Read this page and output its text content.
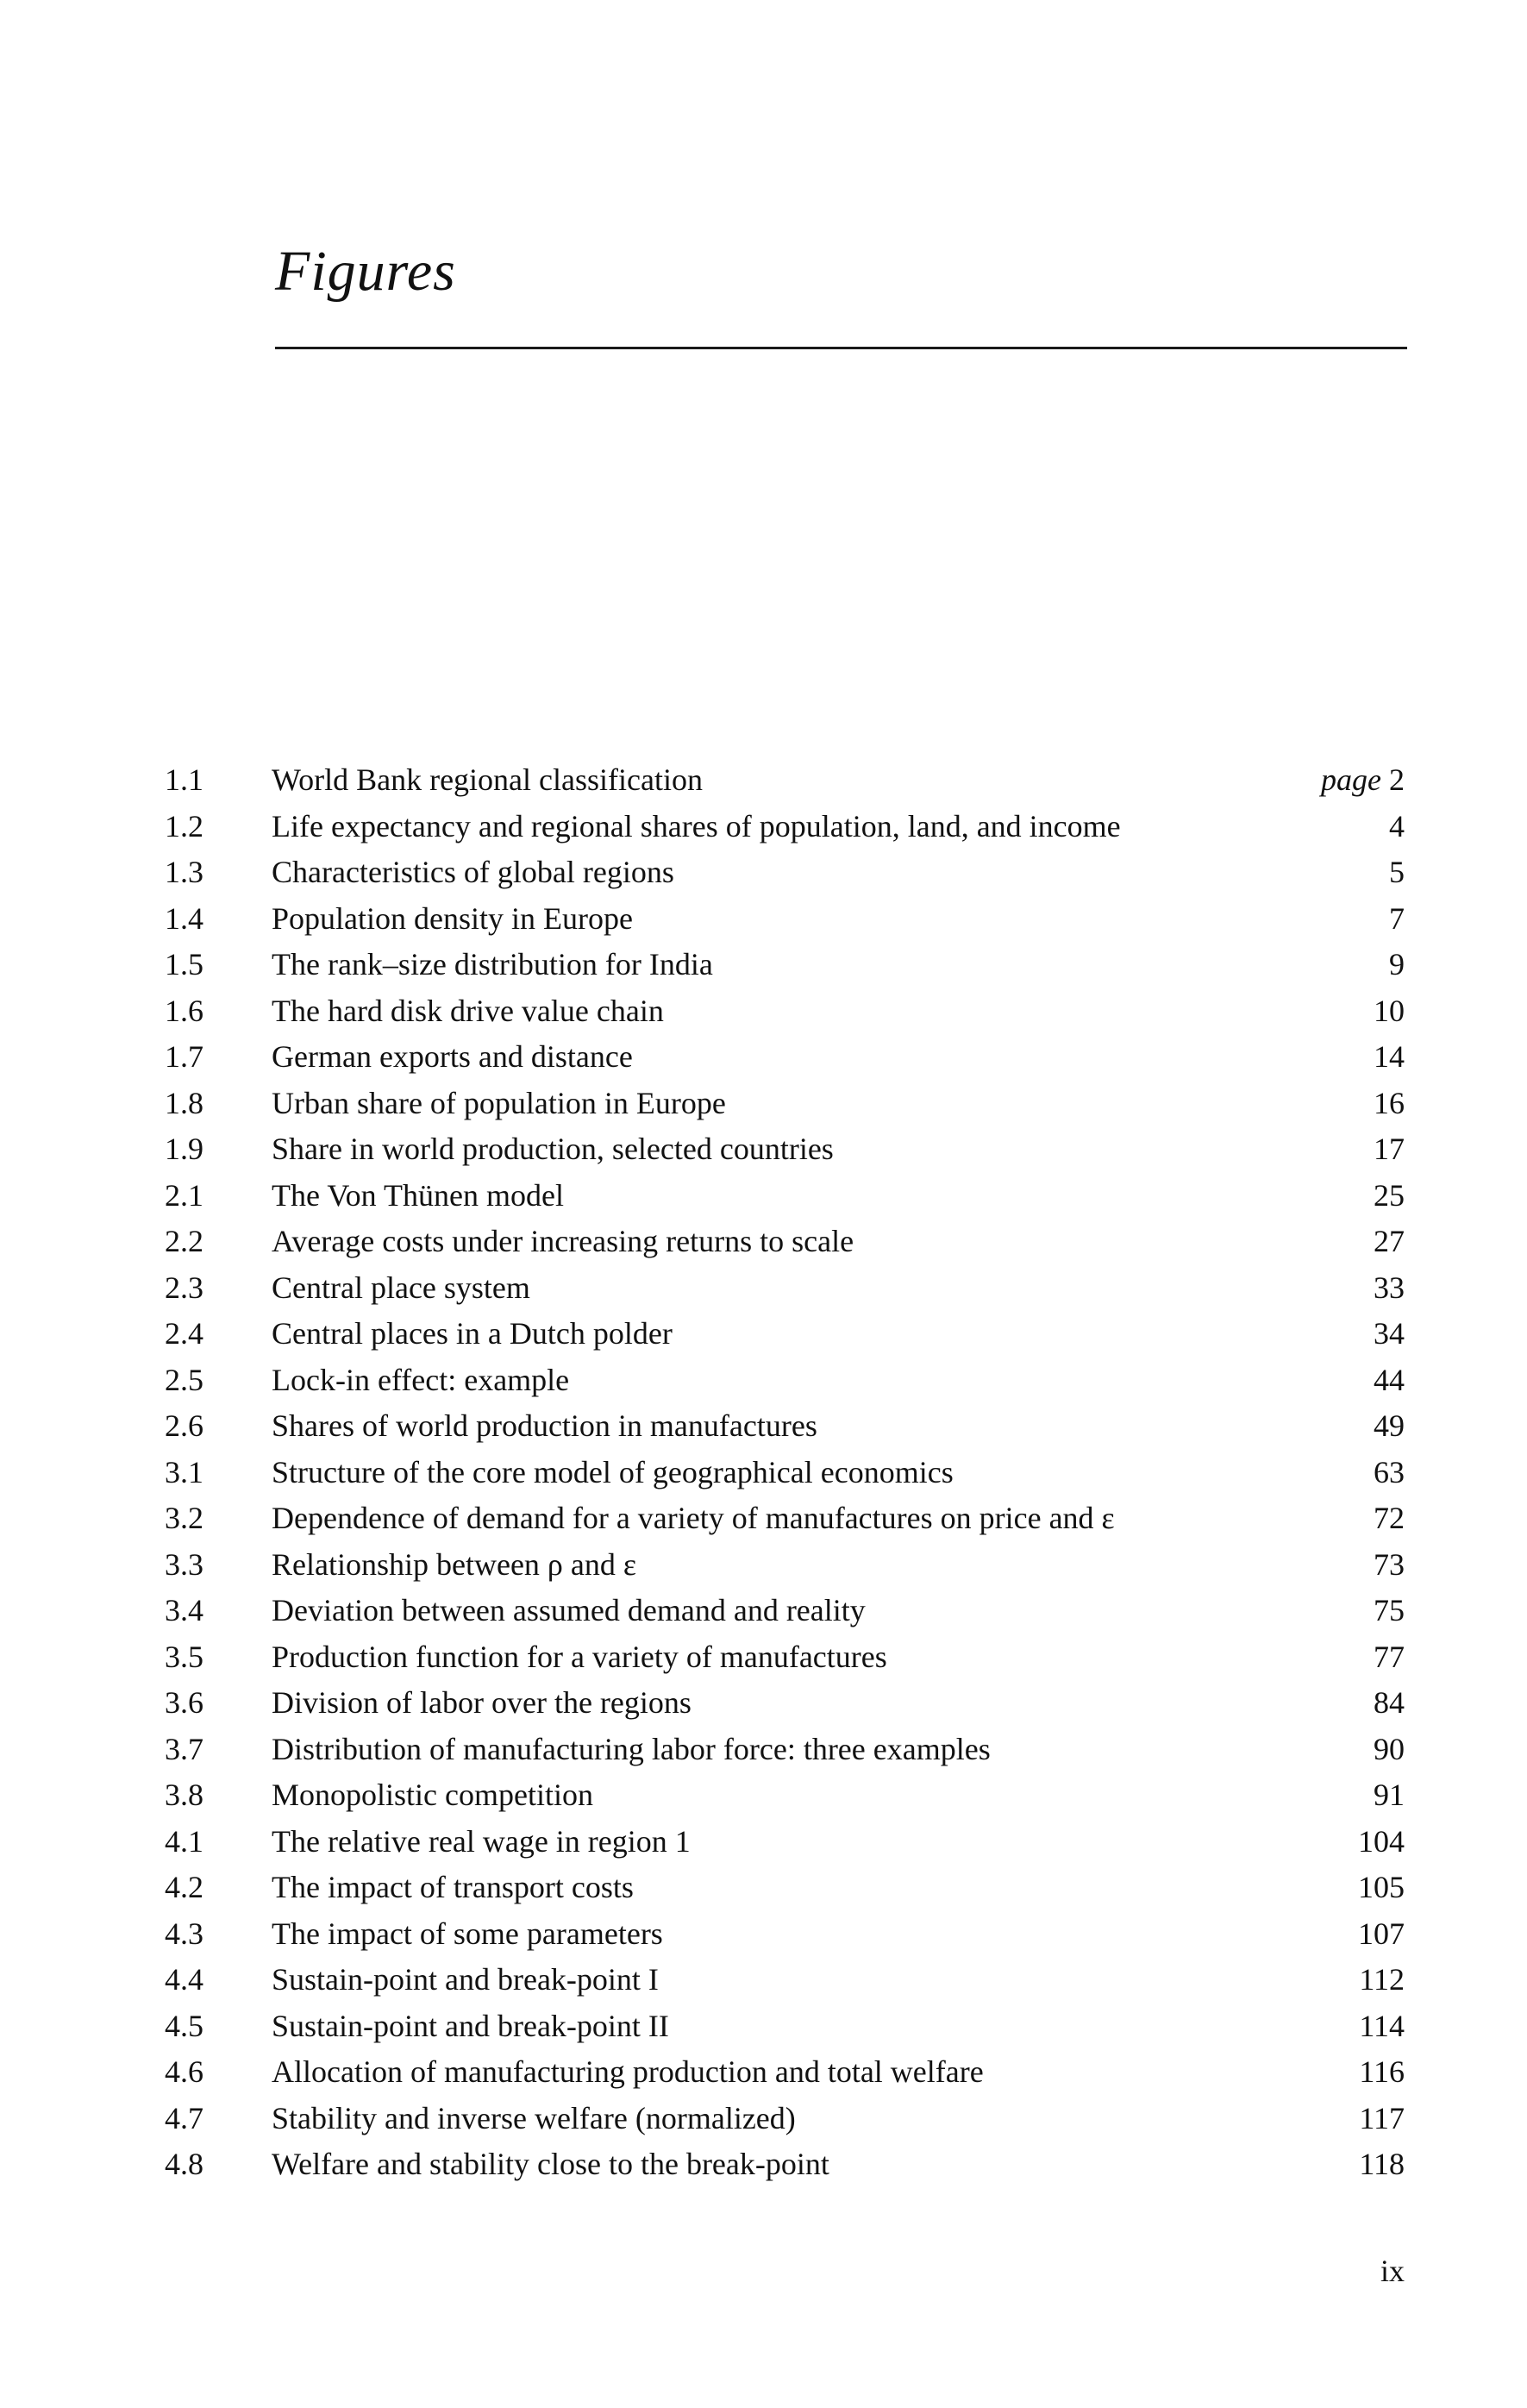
Figures
1.1	World Bank regional classification	page 2
1.2	Life expectancy and regional shares of population, land, and income	4
1.3	Characteristics of global regions	5
1.4	Population density in Europe	7
1.5	The rank–size distribution for India	9
1.6	The hard disk drive value chain	10
1.7	German exports and distance	14
1.8	Urban share of population in Europe	16
1.9	Share in world production, selected countries	17
2.1	The Von Thünen model	25
2.2	Average costs under increasing returns to scale	27
2.3	Central place system	33
2.4	Central places in a Dutch polder	34
2.5	Lock-in effect: example	44
2.6	Shares of world production in manufactures	49
3.1	Structure of the core model of geographical economics	63
3.2	Dependence of demand for a variety of manufactures on price and ε	72
3.3	Relationship between ρ and ε	73
3.4	Deviation between assumed demand and reality	75
3.5	Production function for a variety of manufactures	77
3.6	Division of labor over the regions	84
3.7	Distribution of manufacturing labor force: three examples	90
3.8	Monopolistic competition	91
4.1	The relative real wage in region 1	104
4.2	The impact of transport costs	105
4.3	The impact of some parameters	107
4.4	Sustain-point and break-point I	112
4.5	Sustain-point and break-point II	114
4.6	Allocation of manufacturing production and total welfare	116
4.7	Stability and inverse welfare (normalized)	117
4.8	Welfare and stability close to the break-point	118
ix
